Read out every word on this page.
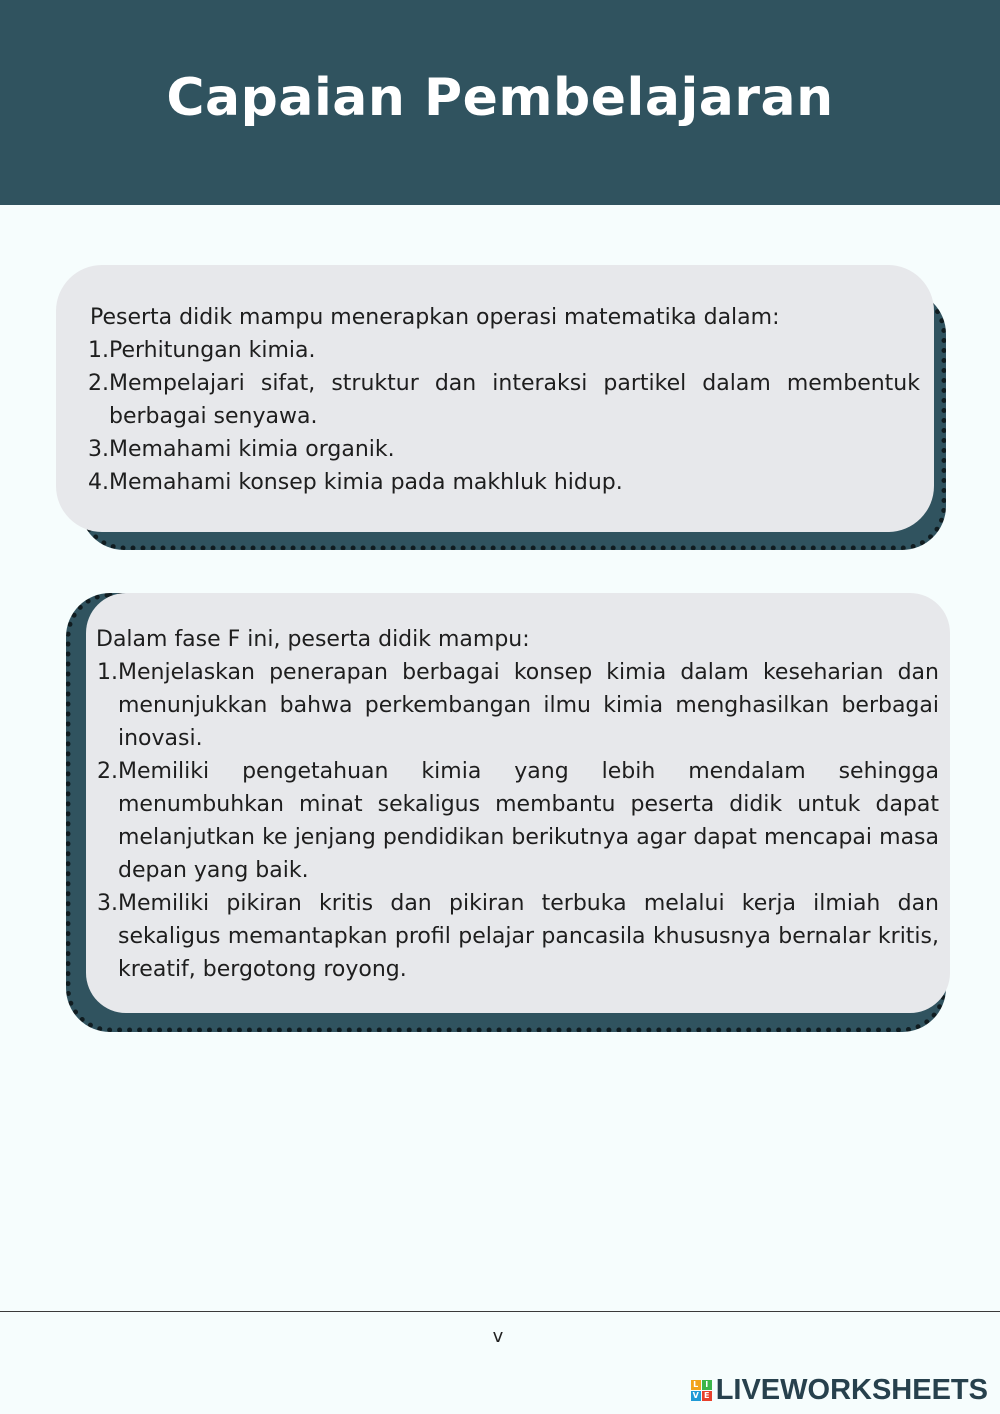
Capaian Pembelajaran

Peserta didik mampu menerapkan operasi matematika dalam:

1. Perhitungan kimia.
2. Mempelajari sifat, struktur dan interaksi partikel dalam membentuk berbagai senyawa.
3. Memahami kimia organik.
4. Memahami konsep kimia pada makhluk hidup.

Dalam fase F ini, peserta didik mampu:

1. Menjelaskan penerapan berbagai konsep kimia dalam keseharian dan menunjukkan bahwa perkembangan ilmu kimia menghasilkan berbagai inovasi.
2. Memiliki pengetahuan kimia yang lebih mendalam sehingga menumbuhkan minat sekaligus membantu peserta didik untuk dapat melanjutkan ke jenjang pendidikan berikutnya agar dapat mencapai masa depan yang baik.
3. Memiliki pikiran kritis dan pikiran terbuka melalui kerja ilmiah dan sekaligus memantapkan profil pelajar pancasila khususnya bernalar kritis, kreatif, bergotong royong.
v
L I
V E LIVEWORKSHEETS
